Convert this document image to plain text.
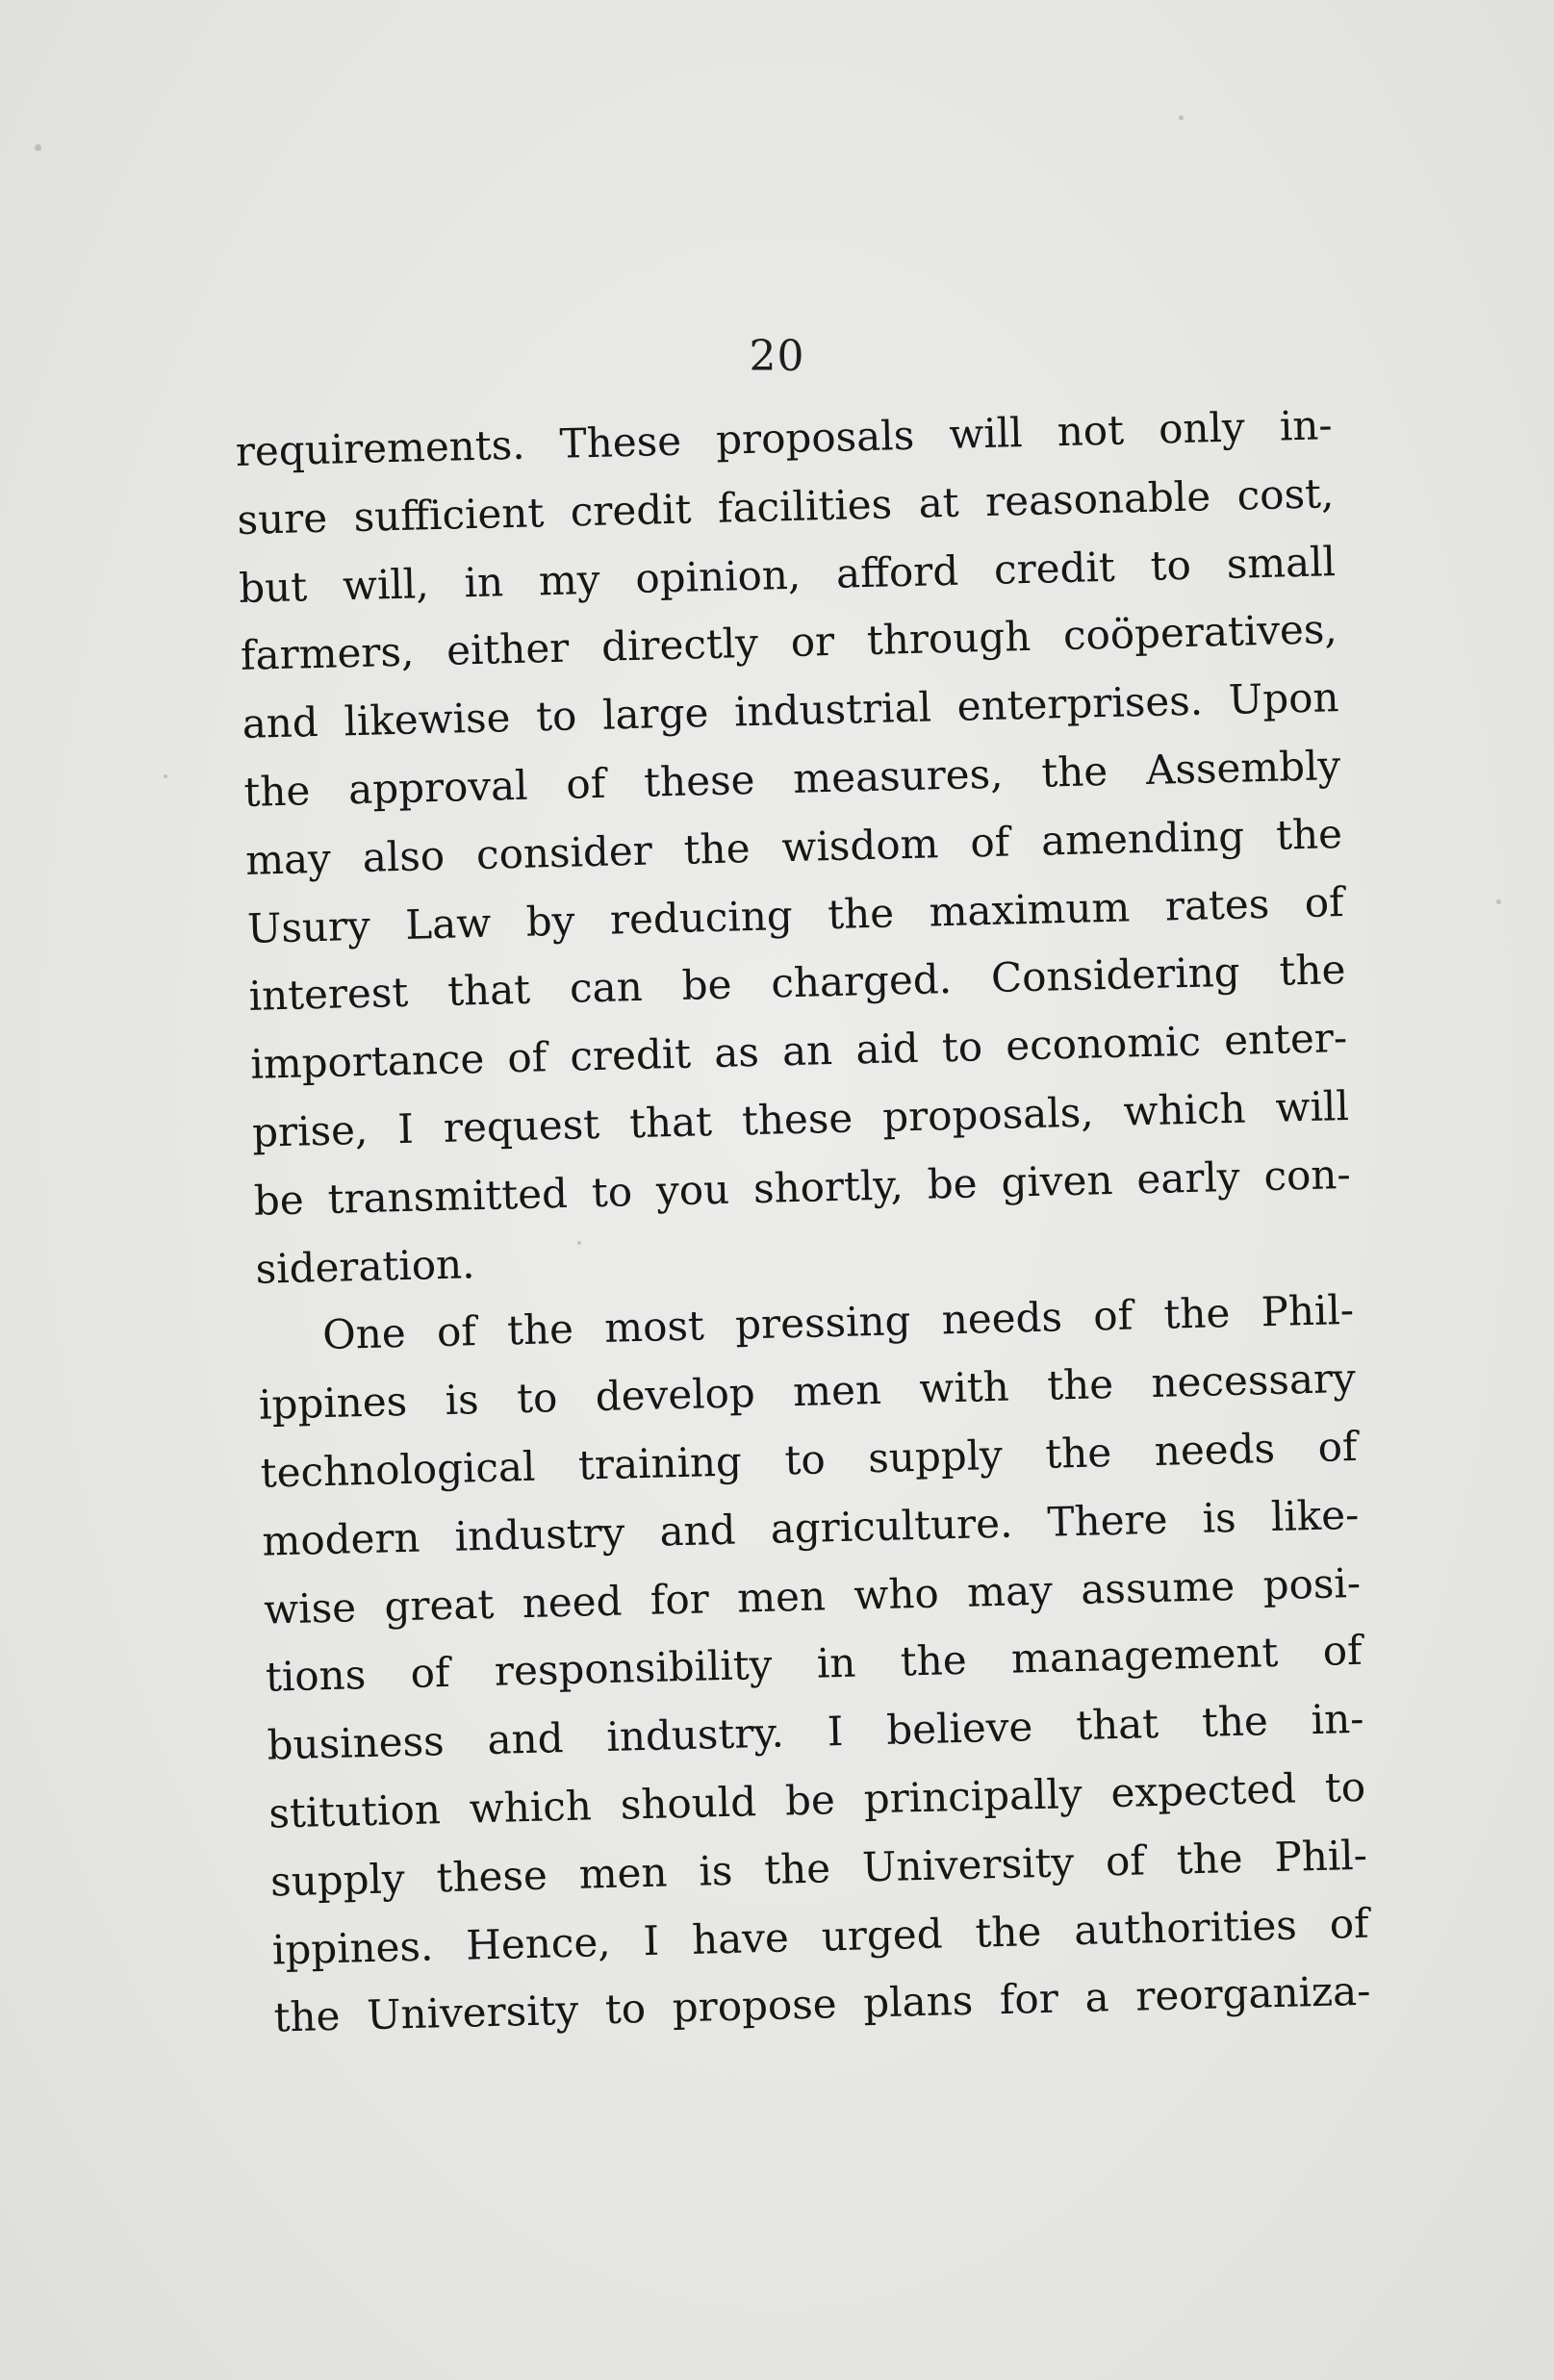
20
requirements. These proposals will not only in-
sure sufficient credit facilities at reasonable cost,
but will, in my opinion, afford credit to small
farmers, either directly or through coöperatives,
and likewise to large industrial enterprises. Upon
the approval of these measures, the Assembly
may also consider the wisdom of amending the
Usury Law by reducing the maximum rates of
interest that can be charged. Considering the
importance of credit as an aid to economic enter-
prise, I request that these proposals, which will
be transmitted to you shortly, be given early con-
sideration.
One of the most pressing needs of the Phil-
ippines is to develop men with the necessary
technological training to supply the needs of
modern industry and agriculture. There is like-
wise great need for men who may assume posi-
tions of responsibility in the management of
business and industry. I believe that the in-
stitution which should be principally expected to
supply these men is the University of the Phil-
ippines. Hence, I have urged the authorities of
the University to propose plans for a reorganiza-
